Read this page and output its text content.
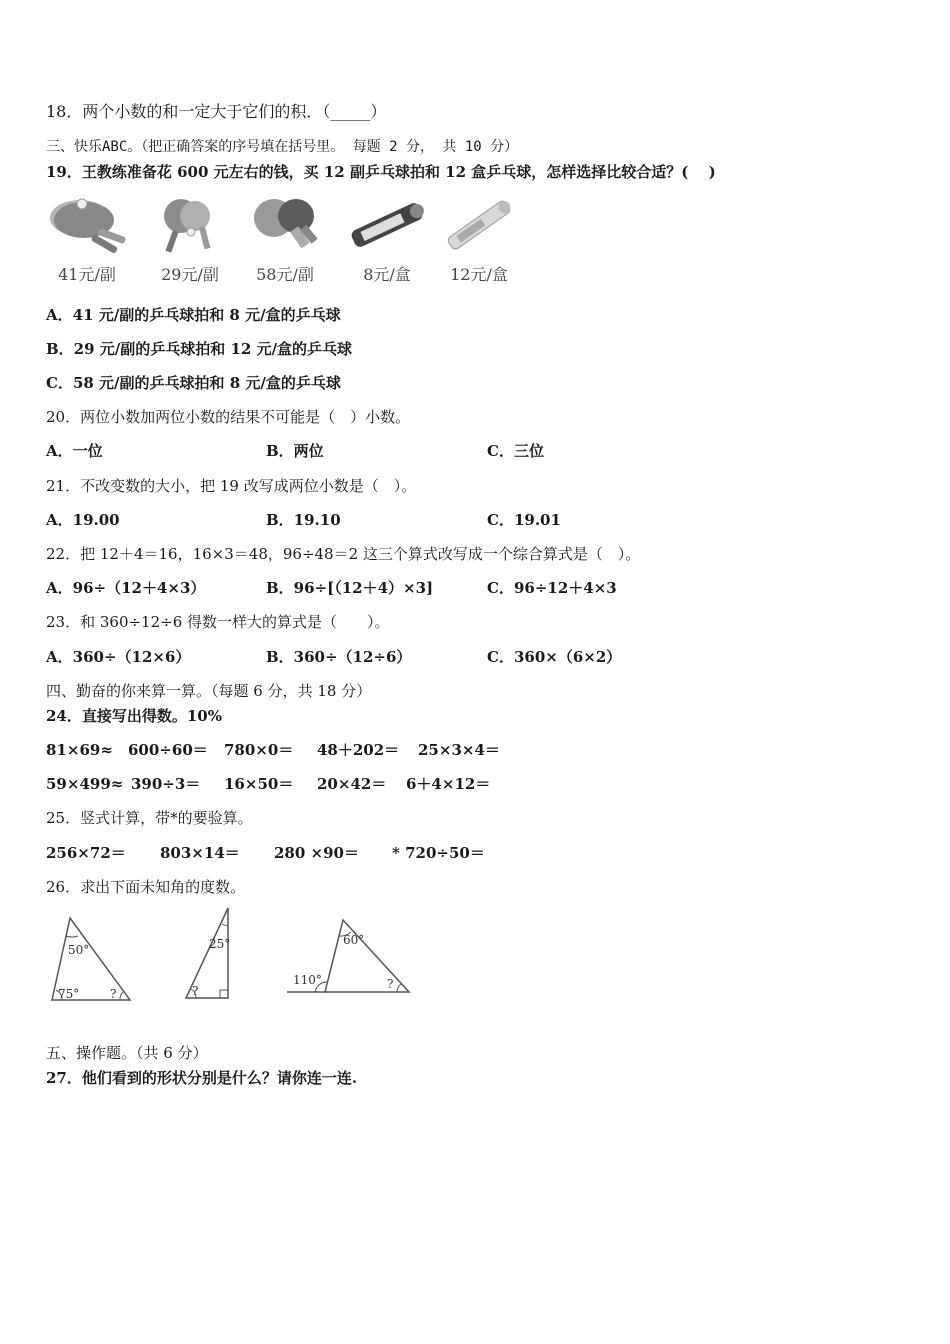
18．两个小数的和一定大于它们的积．（_____）
三、快乐ABC。（把正确答案的序号填在括号里。 每题 2 分， 共 10 分）
19．王教练准备花 600 元左右的钱，买 12 副乒乓球拍和 12 盒乒乓球，怎样选择比较合适？(　 )
41元/副	29元/副	58元/副	8元/盒	12元/盒
A．41 元/副的乒乓球拍和 8 元/盒的乒乓球
B．29 元/副的乒乓球拍和 12 元/盒的乒乓球
C．58 元/副的乒乓球拍和 8 元/盒的乒乓球
20．两位小数加两位小数的结果不可能是（　）小数。
A．一位	B．两位	C．三位
21．不改变数的大小，把 19 改写成两位小数是（　）。
A．19.00	B．19.10	C．19.01
22．把 12＋4＝16，16×3＝48，96÷48＝2 这三个算式改写成一个综合算式是（　）。
A．96÷（12＋4×3）	B．96÷[（12＋4）×3]	C．96÷12＋4×3
23．和 360÷12÷6 得数一样大的算式是（　　）。
A．360÷（12×6）	B．360÷（12÷6）	C．360×（6×2）
四、勤奋的你来算一算。（每题 6 分，共 18 分）
24．直接写出得数。10%
81×69≈ 600÷60＝ 780×0＝ 48＋202＝ 25×3×4＝
59×499≈ 390÷3＝ 16×50＝ 20×42＝ 6＋4×12＝
25．竖式计算，带*的要验算。
256×72＝ 803×14＝ 280 ×90＝ * 720÷50＝
26．求出下面未知角的度数。
50°
75°	?
25°
?
60°
110°	?
五、操作题。（共 6 分）
27．他们看到的形状分别是什么？请你连一连.
